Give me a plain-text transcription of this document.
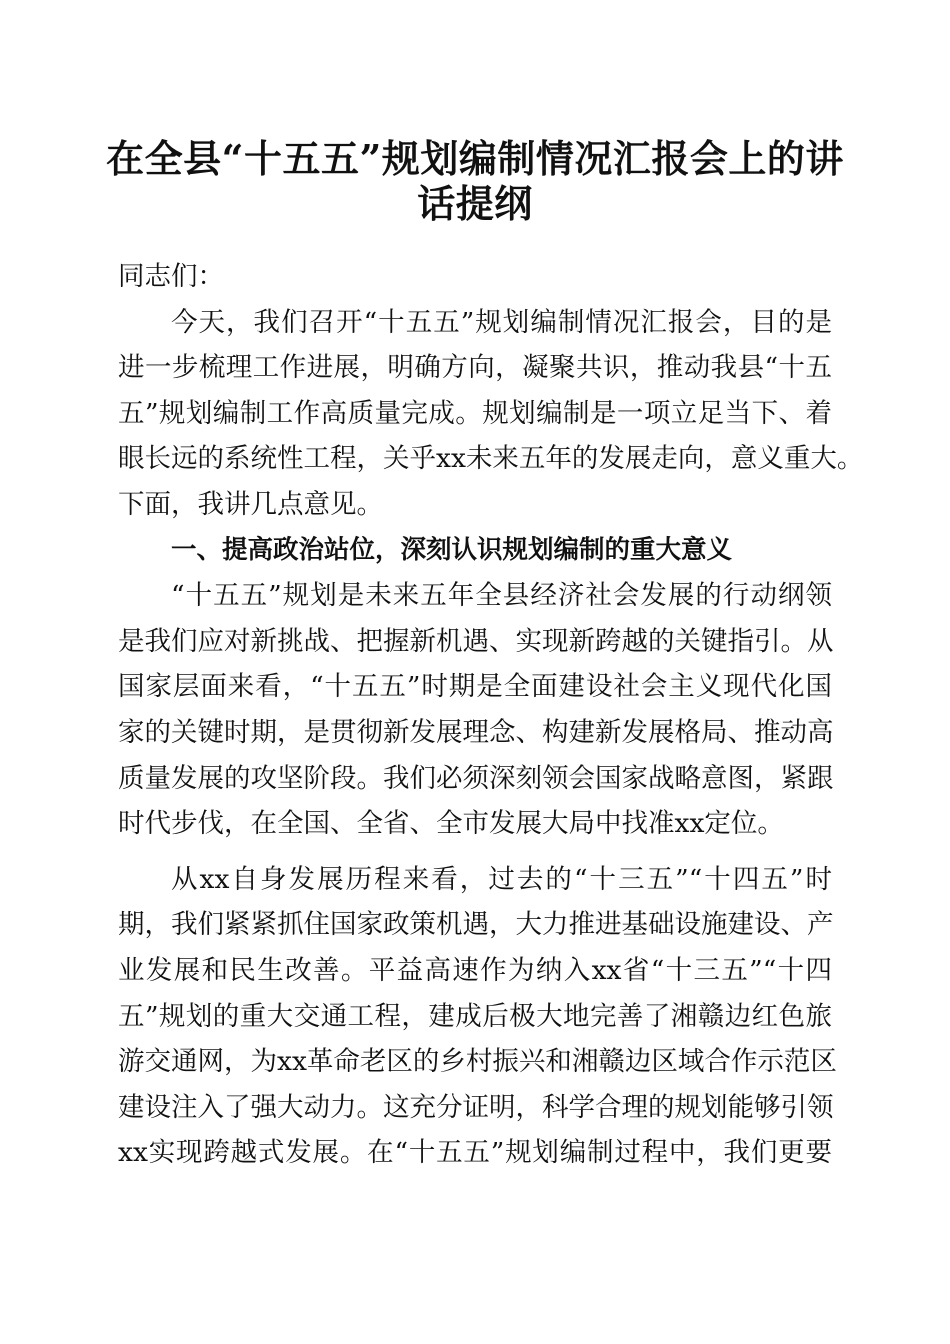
在全县“十五五”规划编制情况汇报会上的讲
话提纲
同志们：
今天，我们召开“十五五”规划编制情况汇报会，目的是
进一步梳理工作进展，明确方向，凝聚共识，推动我县“十五
五”规划编制工作高质量完成。规划编制是一项立足当下、着
眼长远的系统性工程，关乎xx未来五年的发展走向，意义重大。
下面，我讲几点意见。
一、提高政治站位，深刻认识规划编制的重大意义
“十五五”规划是未来五年全县经济社会发展的行动纲领
是我们应对新挑战、把握新机遇、实现新跨越的关键指引。从
国家层面来看，“十五五”时期是全面建设社会主义现代化国
家的关键时期，是贯彻新发展理念、构建新发展格局、推动高
质量发展的攻坚阶段。我们必须深刻领会国家战略意图，紧跟
时代步伐，在全国、全省、全市发展大局中找准xx定位。
从xx自身发展历程来看，过去的“十三五”“十四五”时
期，我们紧紧抓住国家政策机遇，大力推进基础设施建设、产
业发展和民生改善。平益高速作为纳入xx省“十三五”“十四
五”规划的重大交通工程，建成后极大地完善了湘赣边红色旅
游交通网，为xx革命老区的乡村振兴和湘赣边区域合作示范区
建设注入了强大动力。这充分证明，科学合理的规划能够引领
xx实现跨越式发展。在“十五五”规划编制过程中，我们更要
